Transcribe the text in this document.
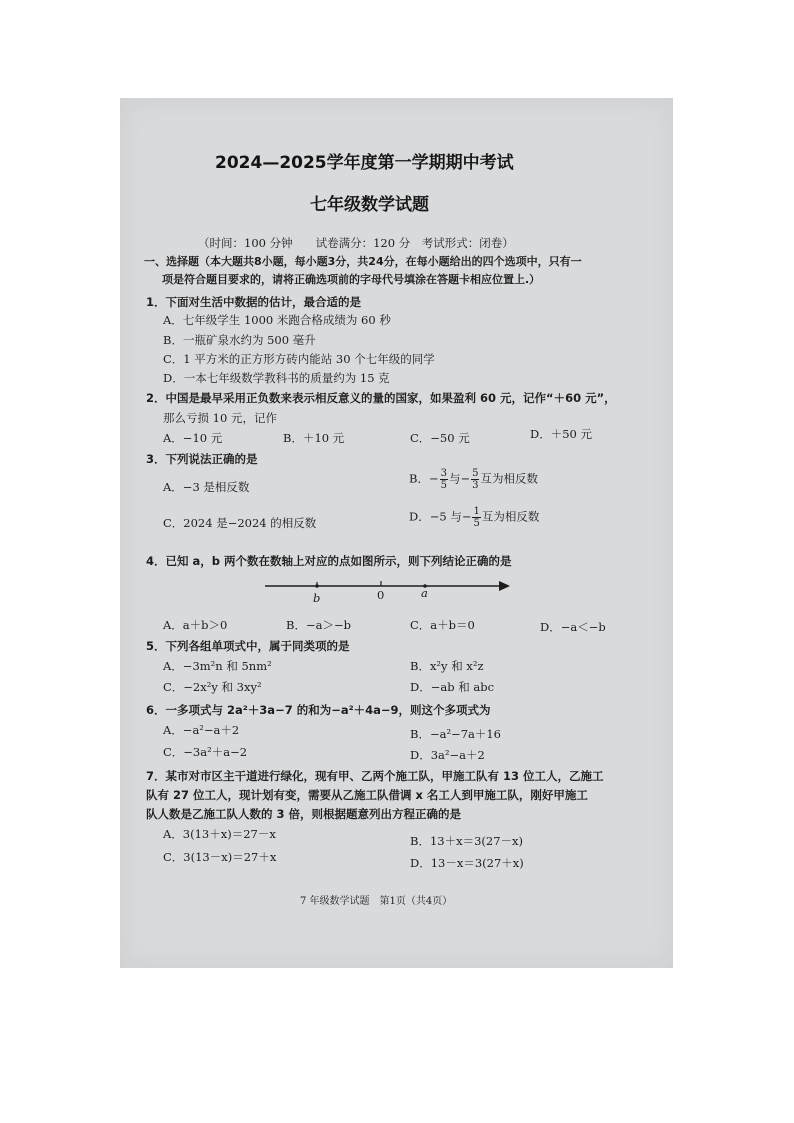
2024—2025学年度第一学期期中考试
七年级数学试题
（时间：100 分钟　　试卷满分：120 分　考试形式：闭卷）
一、选择题（本大题共8小题，每小题3分，共24分，在每小题给出的四个选项中，只有一
项是符合题目要求的，请将正确选项前的字母代号填涂在答题卡相应位置上.）
1．下面对生活中数据的估计，最合适的是
A．七年级学生 1000 米跑合格成绩为 60 秒
B．一瓶矿泉水约为 500 毫升
C．1 平方米的正方形方砖内能站 30 个七年级的同学
D．一本七年级数学教科书的质量约为 15 克
2．中国是最早采用正负数来表示相反意义的量的国家，如果盈利 60 元，记作“＋60 元”，
那么亏损 10 元，记作
A．−10 元	B．＋10 元	C．−50 元	D．＋50 元
3．下列说法正确的是
A．−3 是相反数
B．− $\frac{3}{5}$ 与− $\frac{5}{3}$ 互为相反数
C．2024 是−2024 的相反数	D．−5 与− $\frac{1}{5}$ 互为相反数
4．已知 a，b 两个数在数轴上对应的点如图所示，则下列结论正确的是
b	0	a
A．a＋b＞0	B．−a＞−b	C．a＋b＝0	D．−a＜−b
5．下列各组单项式中，属于同类项的是
A．−3m²n 和 5nm²	B．x²y 和 x²z
C．−2x²y 和 3xy²	D．−ab 和 abc
6．一多项式与 2a²＋3a−7 的和为−a²＋4a−9，则这个多项式为
A．−a²−a＋2	B．−a²−7a＋16
C．−3a²＋a−2	D．3a²−a＋2
7．某市对市区主干道进行绿化，现有甲、乙两个施工队，甲施工队有 13 位工人，乙施工
队有 27 位工人，现计划有变，需要从乙施工队借调 x 名工人到甲施工队，刚好甲施工
队人数是乙施工队人数的 3 倍，则根据题意列出方程正确的是
A．3(13＋x)＝27－x	B．13＋x＝3(27－x)
C．3(13－x)＝27＋x	D．13－x＝3(27＋x)
7 年级数学试题　第1页（共4页）
